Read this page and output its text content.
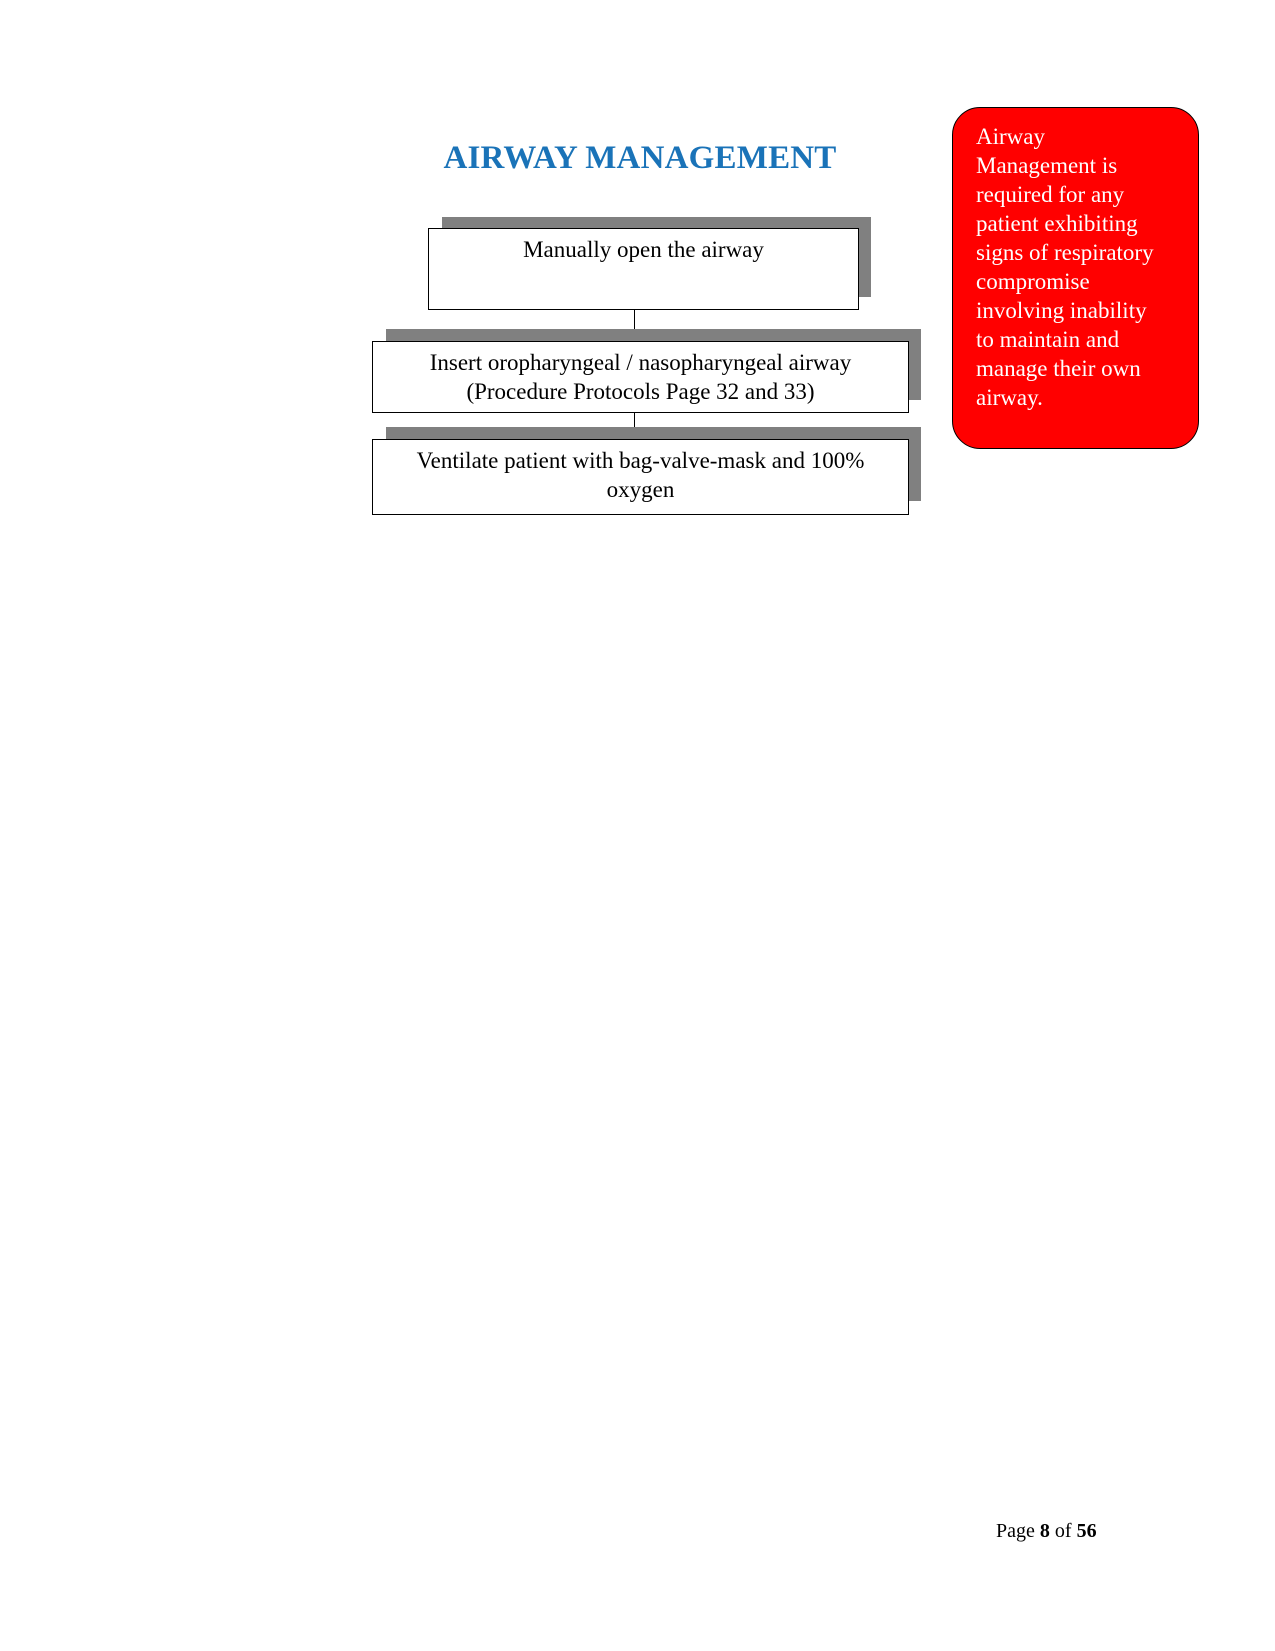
AIRWAY MANAGEMENT
Manually open the airway
Insert oropharyngeal / nasopharyngeal airway
(Procedure Protocols Page 32 and 33)
Ventilate patient with bag-valve-mask and 100%
oxygen
Airway
Management is
required for any
patient exhibiting
signs of respiratory
compromise
involving inability
to maintain and
manage their own
airway.
Page 8 of 56
